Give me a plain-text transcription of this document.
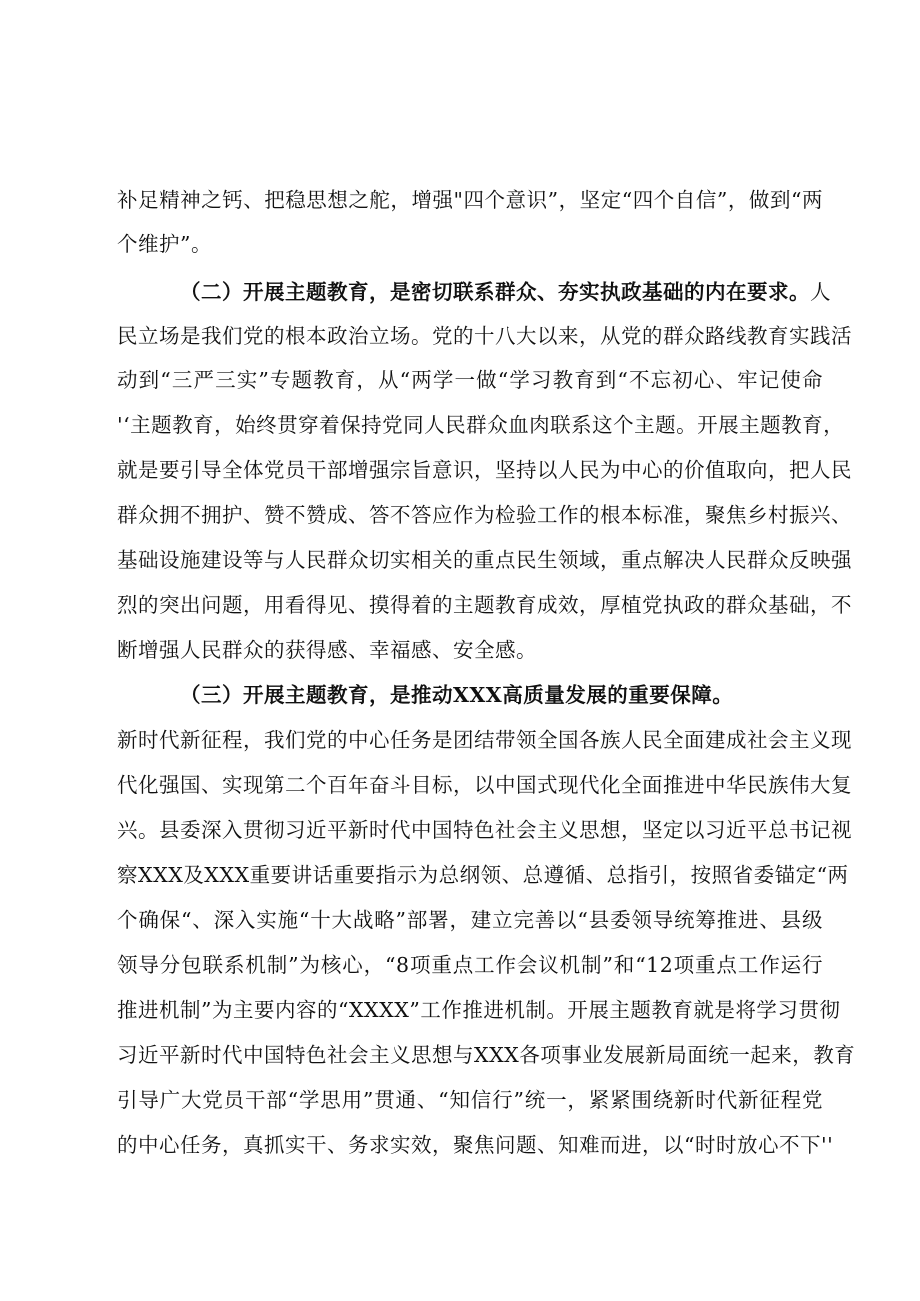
补足精神之钙、把稳思想之舵，增强"四个意识”，坚定“四个自信”，做到“两
个维护”。
（二）开展主题教育，是密切联系群众、夯实执政基础的内在要求。人
民立场是我们党的根本政治立场。党的十八大以来，从党的群众路线教育实践活
动到“三严三实”专题教育，从“两学一做“学习教育到“不忘初心、牢记使命
'‘主题教育，始终贯穿着保持党同人民群众血肉联系这个主题。开展主题教育，
就是要引导全体党员干部增强宗旨意识，坚持以人民为中心的价值取向，把人民
群众拥不拥护、赞不赞成、答不答应作为检验工作的根本标准，聚焦乡村振兴、
基础设施建设等与人民群众切实相关的重点民生领域，重点解决人民群众反映强
烈的突出问题，用看得见、摸得着的主题教育成效，厚植党执政的群众基础，不
断增强人民群众的获得感、幸福感、安全感。
（三）开展主题教育，是推动XXX高质量发展的重要保障。
新时代新征程，我们党的中心任务是团结带领全国各族人民全面建成社会主义现
代化强国、实现第二个百年奋斗目标，以中国式现代化全面推进中华民族伟大复
兴。县委深入贯彻习近平新时代中国特色社会主义思想，坚定以习近平总书记视
察XXX及XXX重要讲话重要指示为总纲领、总遵循、总指引，按照省委锚定“两
个确保“、深入实施“十大战略”部署，建立完善以“县委领导统筹推进、县级
领导分包联系机制”为核心，“8项重点工作会议机制”和“12项重点工作运行
推进机制”为主要内容的“XXXX”工作推进机制。开展主题教育就是将学习贯彻
习近平新时代中国特色社会主义思想与XXX各项事业发展新局面统一起来，教育
引导广大党员干部“学思用”贯通、“知信行”统一，紧紧围绕新时代新征程党
的中心任务，真抓实干、务求实效，聚焦问题、知难而进，以“时时放心不下''
